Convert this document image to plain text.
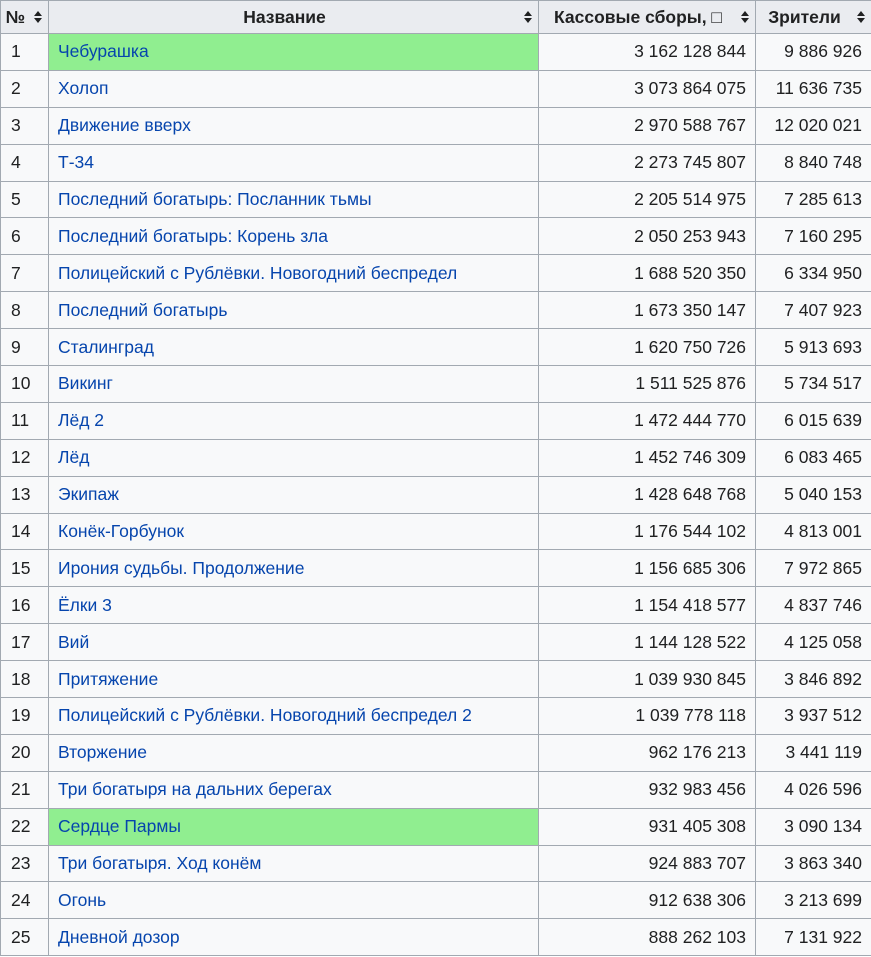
№	Название	Кассовые сборы, □	Зрители

1	Чебурашка	3 162 128 844	9 886 926
2	Холоп	3 073 864 075	11 636 735
3	Движение вверх	2 970 588 767	12 020 021
4	Т-34	2 273 745 807	8 840 748
5	Последний богатырь: Посланник тьмы	2 205 514 975	7 285 613
6	Последний богатырь: Корень зла	2 050 253 943	7 160 295
7	Полицейский с Рублёвки. Новогодний беспредел	1 688 520 350	6 334 950
8	Последний богатырь	1 673 350 147	7 407 923
9	Сталинград	1 620 750 726	5 913 693
10	Викинг	1 511 525 876	5 734 517
11	Лёд 2	1 472 444 770	6 015 639
12	Лёд	1 452 746 309	6 083 465
13	Экипаж	1 428 648 768	5 040 153
14	Конёк-Горбунок	1 176 544 102	4 813 001
15	Ирония судьбы. Продолжение	1 156 685 306	7 972 865
16	Ёлки 3	1 154 418 577	4 837 746
17	Вий	1 144 128 522	4 125 058
18	Притяжение	1 039 930 845	3 846 892
19	Полицейский с Рублёвки. Новогодний беспредел 2	1 039 778 118	3 937 512
20	Вторжение	962 176 213	3 441 119
21	Три богатыря на дальних берегах	932 983 456	4 026 596
22	Сердце Пармы	931 405 308	3 090 134
23	Три богатыря. Ход конём	924 883 707	3 863 340
24	Огонь	912 638 306	3 213 699
25	Дневной дозор	888 262 103	7 131 922
